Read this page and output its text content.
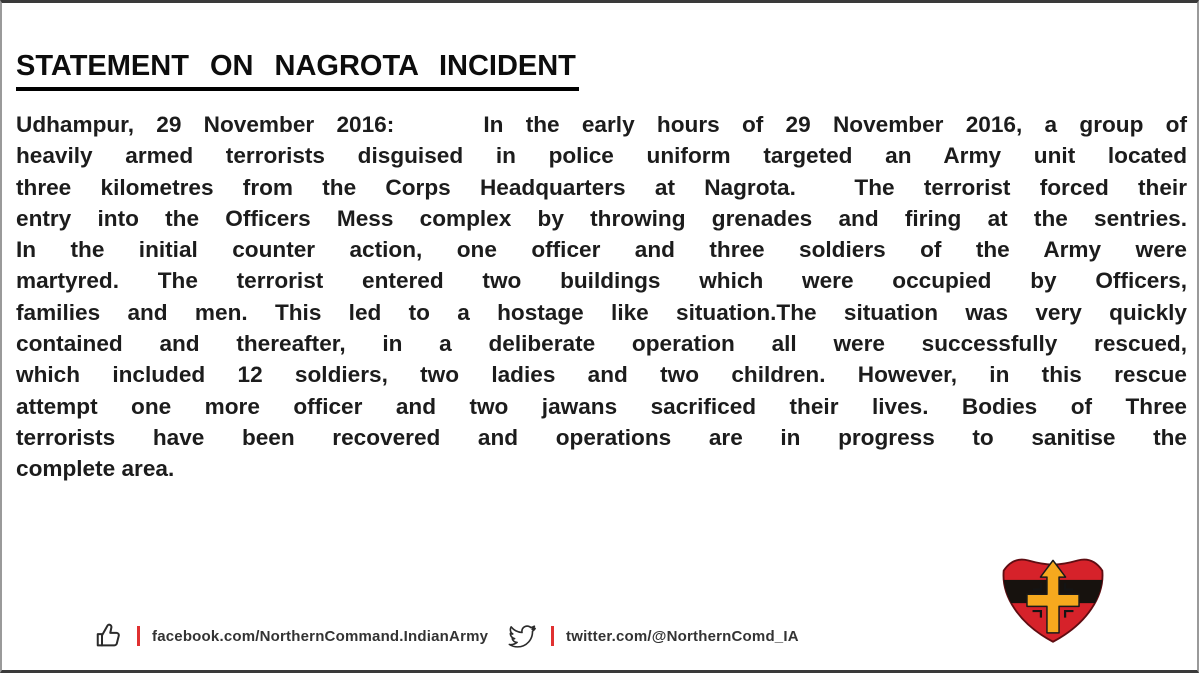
STATEMENT ON NAGROTA INCIDENT
Udhampur, 29 November 2016:    In the early hours of 29 November 2016, a group of
heavily armed terrorists disguised in police uniform targeted an Army unit located
three kilometres from the Corps Headquarters at Nagrota.  The terrorist forced their
entry into the Officers Mess complex by throwing grenades and firing at the sentries.
In the initial counter action, one officer and three soldiers of the Army were
martyred. The terrorist entered two buildings which were occupied by Officers,
families and men. This led to a hostage like situation.The situation was very quickly
contained and thereafter, in a deliberate operation all were successfully rescued,
which included 12 soldiers, two ladies and two children. However, in this rescue
attempt one more officer and two jawans sacrificed their lives. Bodies of Three
terrorists have been recovered and operations are in progress to sanitise the
complete area.
facebook.com/NorthernCommand.IndianArmy	twitter.com/@NorthernComd_IA
